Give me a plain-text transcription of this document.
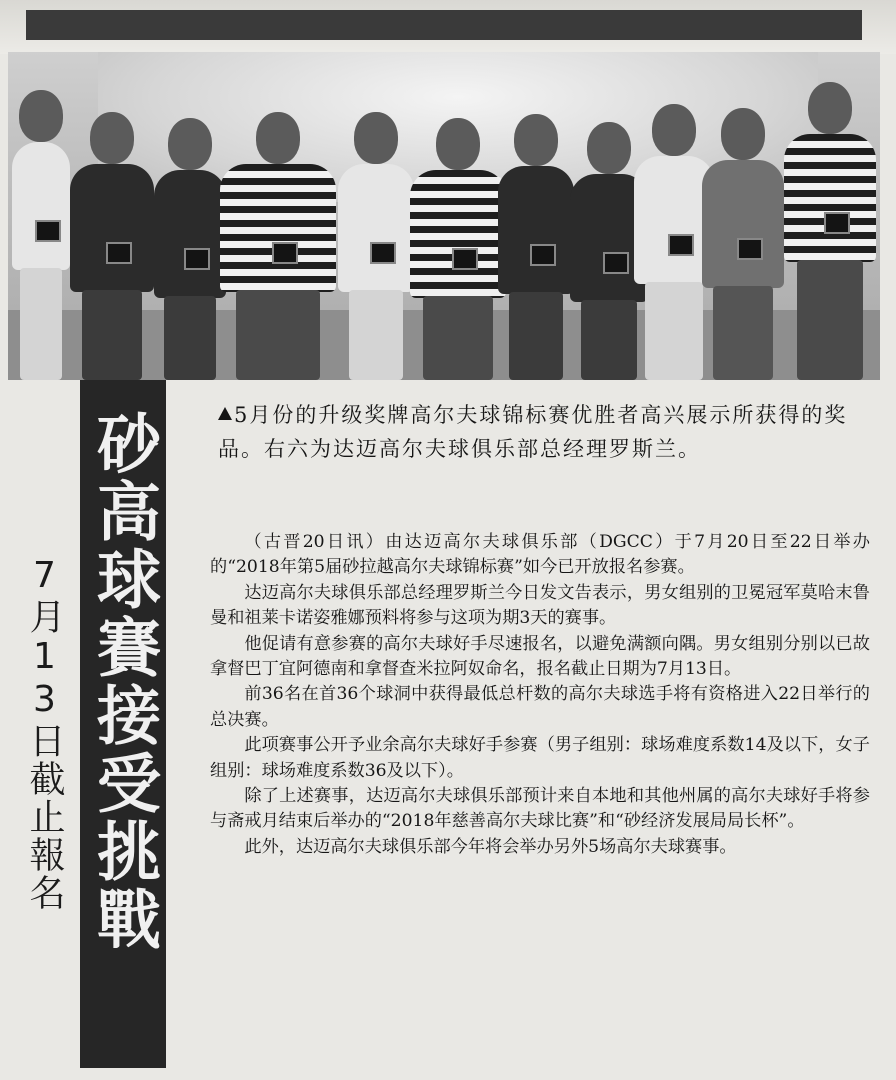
砂高球賽接受挑戰
7月13日截止報名
5月份的升级奖牌高尔夫球锦标赛优胜者高兴展示所获得的奖品。右六为达迈高尔夫球俱乐部总经理罗斯兰。

（古晋20日讯）由达迈高尔夫球俱乐部（DGCC）于7月20日至22日举办的“2018年第5届砂拉越高尔夫球锦标赛”如今已开放报名参赛。

达迈高尔夫球俱乐部总经理罗斯兰今日发文告表示，男女组别的卫冕冠军莫哈末鲁曼和祖莱卡诺姿雅娜预料将参与这项为期3天的赛事。

他促请有意参赛的高尔夫球好手尽速报名，以避免满额向隅。男女组别分别以已故拿督巴丁宜阿德南和拿督查米拉阿奴命名，报名截止日期为7月13日。

前36名在首36个球洞中获得最低总杆数的高尔夫球选手将有资格进入22日举行的总决赛。

此项赛事公开予业余高尔夫球好手参赛（男子组别：球场难度系数14及以下，女子组别：球场难度系数36及以下）。

除了上述赛事，达迈高尔夫球俱乐部预计来自本地和其他州属的高尔夫球好手将参与斋戒月结束后举办的“2018年慈善高尔夫球比赛”和“砂经济发展局局长杯”。

此外，达迈高尔夫球俱乐部今年将会举办另外5场高尔夫球赛事。
